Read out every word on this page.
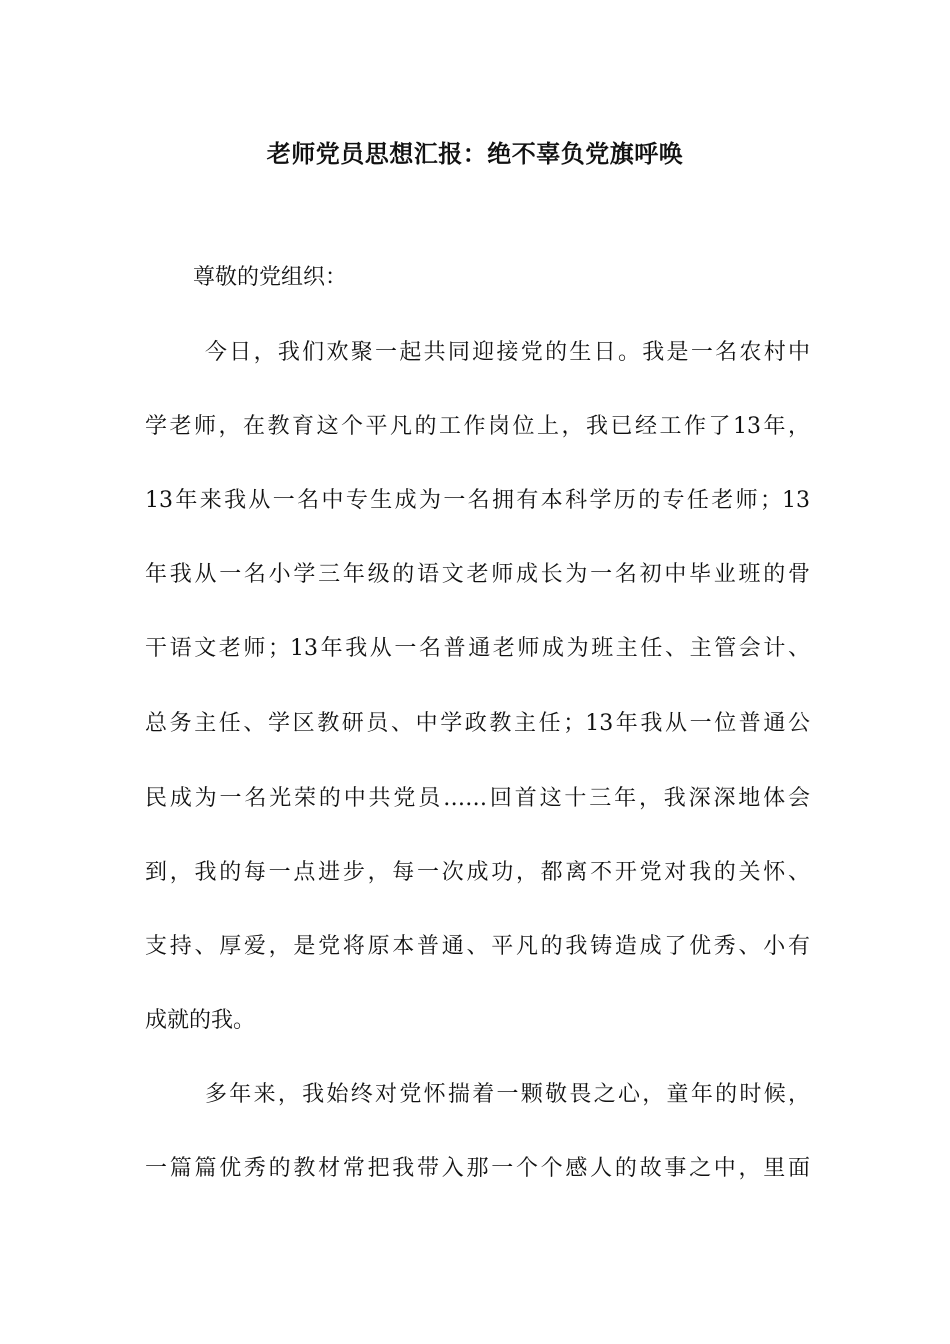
老师党员思想汇报：绝不辜负党旗呼唤
尊敬的党组织：
今日，我们欢聚一起共同迎接党的生日。我是一名农村中
学老师，在教育这个平凡的工作岗位上，我已经工作了13年，
13年来我从一名中专生成为一名拥有本科学历的专任老师；13
年我从一名小学三年级的语文老师成长为一名初中毕业班的骨
干语文老师；13年我从一名普通老师成为班主任、主管会计、
总务主任、学区教研员、中学政教主任；13年我从一位普通公
民成为一名光荣的中共党员……回首这十三年，我深深地体会
到，我的每一点进步，每一次成功，都离不开党对我的关怀、
支持、厚爱，是党将原本普通、平凡的我铸造成了优秀、小有
成就的我。
多年来，我始终对党怀揣着一颗敬畏之心，童年的时候，
一篇篇优秀的教材常把我带入那一个个感人的故事之中，里面
